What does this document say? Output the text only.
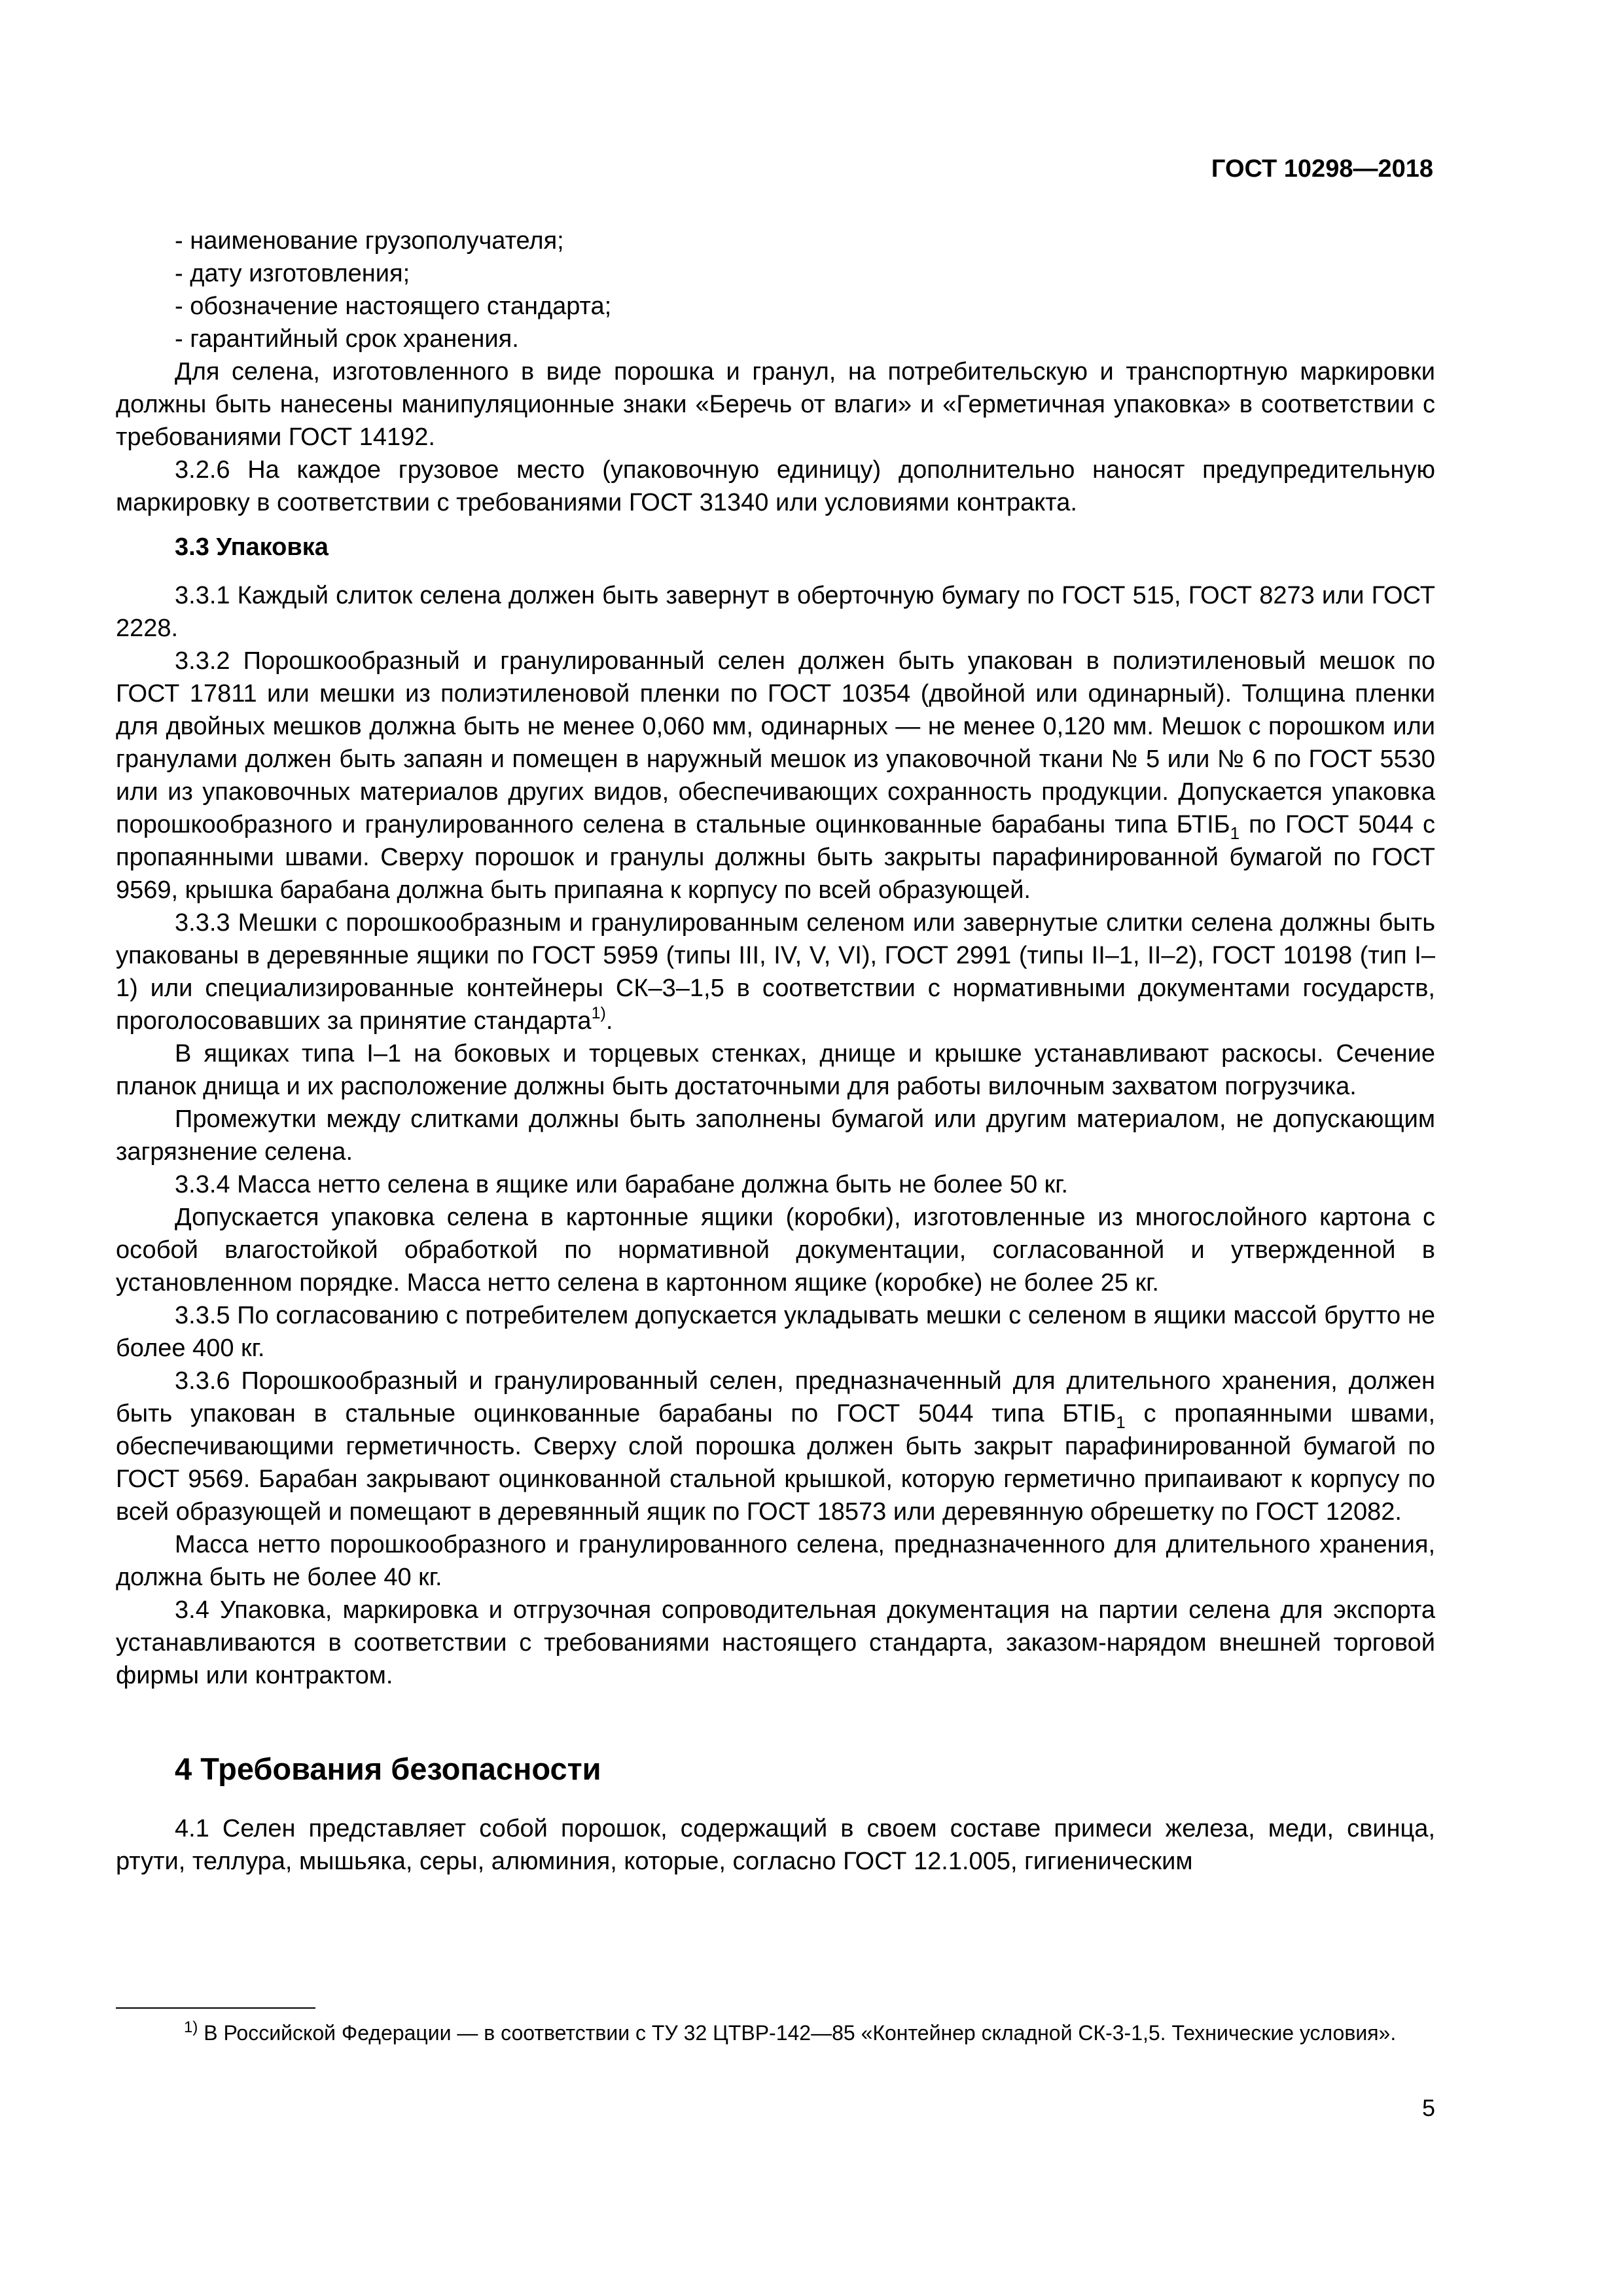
ГОСТ 10298—2018

- наименование грузополучателя;

- дату изготовления;

- обозначение настоящего стандарта;

- гарантийный срок хранения.

Для селена, изготовленного в виде порошка и гранул, на потребительскую и транспортную маркировки должны быть нанесены манипуляционные знаки «Беречь от влаги» и «Герметичная упаковка» в соответствии с требованиями ГОСТ 14192.

3.2.6 На каждое грузовое место (упаковочную единицу) дополнительно наносят предупредительную маркировку в соответствии с требованиями ГОСТ 31340 или условиями контракта.

3.3 Упаковка

3.3.1 Каждый слиток селена должен быть завернут в оберточную бумагу по ГОСТ 515, ГОСТ 8273 или ГОСТ 2228.

3.3.2 Порошкообразный и гранулированный селен должен быть упакован в полиэтиленовый мешок по ГОСТ 17811 или мешки из полиэтиленовой пленки по ГОСТ 10354 (двойной или одинарный). Толщина пленки для двойных мешков должна быть не менее 0,060 мм, одинарных — не менее 0,120 мм. Мешок с порошком или гранулами должен быть запаян и помещен в наружный мешок из упаковочной ткани № 5 или № 6 по ГОСТ 5530 или из упаковочных материалов других видов, обеспечивающих сохранность продукции. Допускается упаковка порошкообразного и гранулированного селена в стальные оцинкованные барабаны типа $БТІБ_1$ по ГОСТ 5044 с пропаянными швами. Сверху порошок и гранулы должны быть закрыты парафинированной бумагой по ГОСТ 9569, крышка барабана должна быть припаяна к корпусу по всей образующей.

3.3.3 Мешки с порошкообразным и гранулированным селеном или завернутые слитки селена должны быть упакованы в деревянные ящики по ГОСТ 5959 (типы III, IV, V, VI), ГОСТ 2991 (типы II–1, II–2), ГОСТ 10198 (тип I–1) или специализированные контейнеры СК–3–1,5 в соответствии с нормативными документами государств, проголосовавших за принятие стандарта$^{1)}$.

В ящиках типа I–1 на боковых и торцевых стенках, днище и крышке устанавливают раскосы. Сечение планок днища и их расположение должны быть достаточными для работы вилочным захватом погрузчика.

Промежутки между слитками должны быть заполнены бумагой или другим материалом, не допускающим загрязнение селена.

3.3.4 Масса нетто селена в ящике или барабане должна быть не более 50 кг.

Допускается упаковка селена в картонные ящики (коробки), изготовленные из многослойного картона с особой влагостойкой обработкой по нормативной документации, согласованной и утвержденной в установленном порядке. Масса нетто селена в картонном ящике (коробке) не более 25 кг.

3.3.5 По согласованию с потребителем допускается укладывать мешки с селеном в ящики массой брутто не более 400 кг.

3.3.6 Порошкообразный и гранулированный селен, предназначенный для длительного хранения, должен быть упакован в стальные оцинкованные барабаны по ГОСТ 5044 типа $БТІБ_1$ с пропаянными швами, обеспечивающими герметичность. Сверху слой порошка должен быть закрыт парафинированной бумагой по ГОСТ 9569. Барабан закрывают оцинкованной стальной крышкой, которую герметично припаивают к корпусу по всей образующей и помещают в деревянный ящик по ГОСТ 18573 или деревянную обрешетку по ГОСТ 12082.

Масса нетто порошкообразного и гранулированного селена, предназначенного для длительного хранения, должна быть не более 40 кг.

3.4 Упаковка, маркировка и отгрузочная сопроводительная документация на партии селена для экспорта устанавливаются в соответствии с требованиями настоящего стандарта, заказом-нарядом внешней торговой фирмы или контрактом.

4 Требования безопасности

4.1 Селен представляет собой порошок, содержащий в своем составе примеси железа, меди, свинца, ртути, теллура, мышьяка, серы, алюминия, которые, согласно ГОСТ 12.1.005, гигиеническим

$^{1)}$ В Российской Федерации — в соответствии с ТУ 32 ЦТВР-142—85 «Контейнер складной СК-3-1,5. Технические условия».
5
